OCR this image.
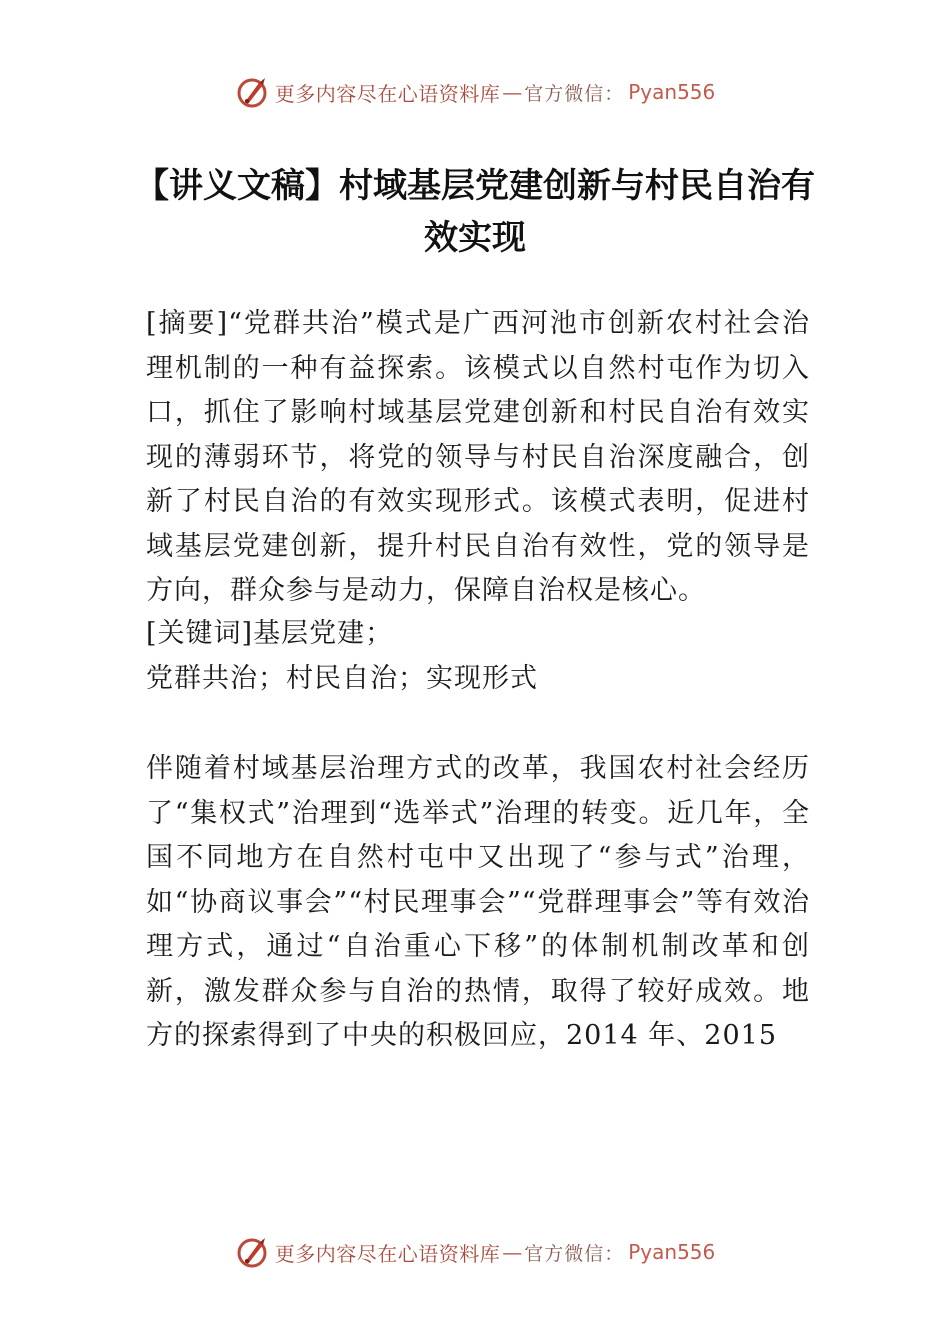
更多内容尽在心语资料库 — 官方微信： Pyan556
【讲义文稿】村域基层党建创新与村民自治有效实现

[摘要]“党群共治”模式是广西河池市创新农村社会治理机制的一种有益探索。该模式以自然村屯作为切入口，抓住了影响村域基层党建创新和村民自治有效实现的薄弱环节，将党的领导与村民自治深度融合，创新了村民自治的有效实现形式。该模式表明，促进村域基层党建创新，提升村民自治有效性，党的领导是方向，群众参与是动力，保障自治权是核心。

[关键词]基层党建；

党群共治；村民自治；实现形式

伴随着村域基层治理方式的改革，我国农村社会经历了“集权式”治理到“选举式”治理的转变。近几年，全国不同地方在自然村屯中又出现了“参与式”治理，如“协商议事会”“村民理事会”“党群理事会”等有效治理方式，通过“自治重心下移”的体制机制改革和创新，激发群众参与自治的热情，取得了较好成效。地方的探索得到了中央的积极回应，2014 年、2015

更多内容尽在心语资料库 — 官方微信： Pyan556
